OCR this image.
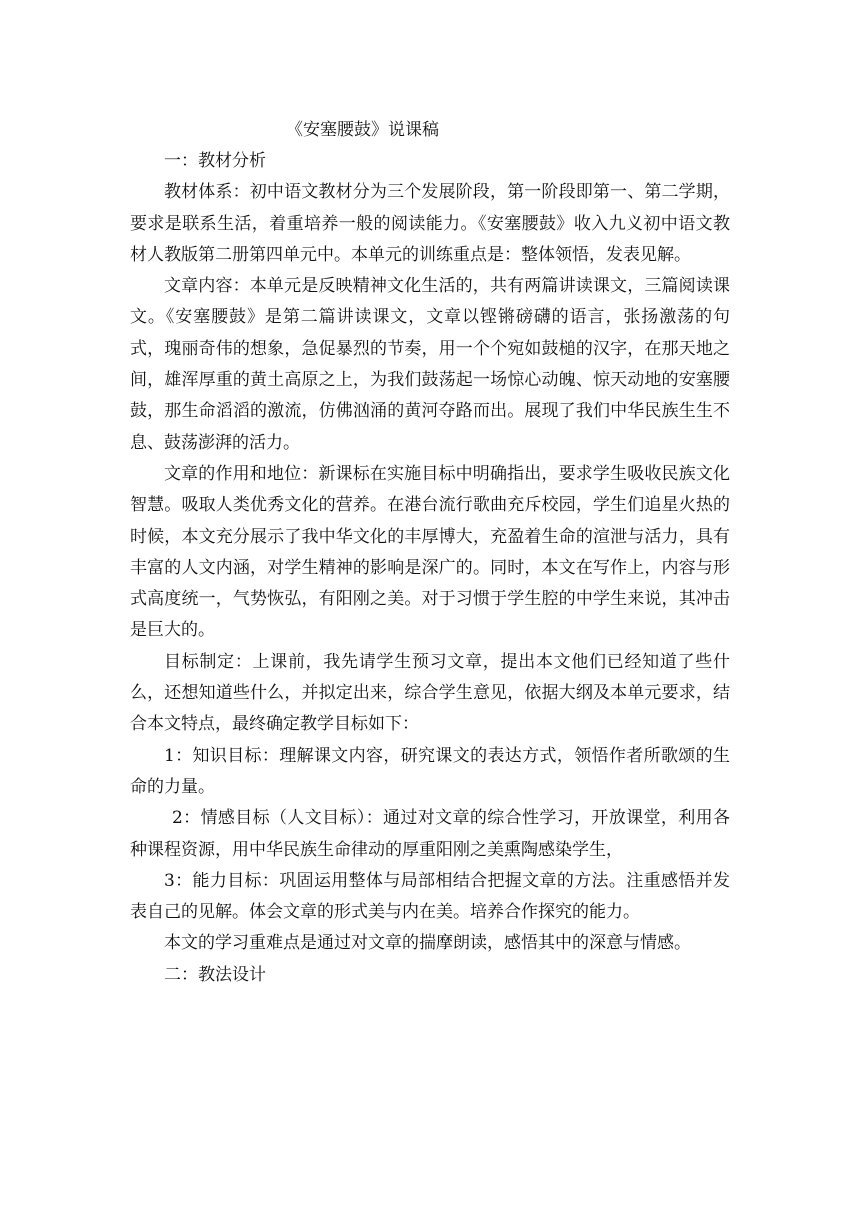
《安塞腰鼓》说课稿

一：教材分析

教材体系：初中语文教材分为三个发展阶段，第一阶段即第一、第二学期，要求是联系生活，着重培养一般的阅读能力。《安塞腰鼓》收入九义初中语文教材人教版第二册第四单元中。本单元的训练重点是：整体领悟，发表见解。

文章内容：本单元是反映精神文化生活的，共有两篇讲读课文，三篇阅读课文。《安塞腰鼓》是第二篇讲读课文，文章以铿锵磅礴的语言，张扬激荡的句式，瑰丽奇伟的想象，急促暴烈的节奏，用一个个宛如鼓槌的汉字，在那天地之间，雄浑厚重的黄土高原之上，为我们鼓荡起一场惊心动魄、惊天动地的安塞腰鼓，那生命滔滔的激流，仿佛汹涌的黄河夺路而出。展现了我们中华民族生生不息、鼓荡澎湃的活力。

文章的作用和地位：新课标在实施目标中明确指出，要求学生吸收民族文化智慧。吸取人类优秀文化的营养。在港台流行歌曲充斥校园，学生们追星火热的时候，本文充分展示了我中华文化的丰厚博大，充盈着生命的渲泄与活力，具有丰富的人文内涵，对学生精神的影响是深广的。同时，本文在写作上，内容与形式高度统一，气势恢弘，有阳刚之美。对于习惯于学生腔的中学生来说，其冲击是巨大的。

目标制定：上课前，我先请学生预习文章，提出本文他们已经知道了些什么，还想知道些什么，并拟定出来，综合学生意见，依据大纲及本单元要求，结合本文特点，最终确定教学目标如下：

1：知识目标：理解课文内容，研究课文的表达方式，领悟作者所歌颂的生命的力量。

2：情感目标（人文目标）：通过对文章的综合性学习，开放课堂，利用各种课程资源，用中华民族生命律动的厚重阳刚之美熏陶感染学生，

3：能力目标：巩固运用整体与局部相结合把握文章的方法。注重感悟并发表自己的见解。体会文章的形式美与内在美。培养合作探究的能力。

本文的学习重难点是通过对文章的揣摩朗读，感悟其中的深意与情感。

二：教法设计
